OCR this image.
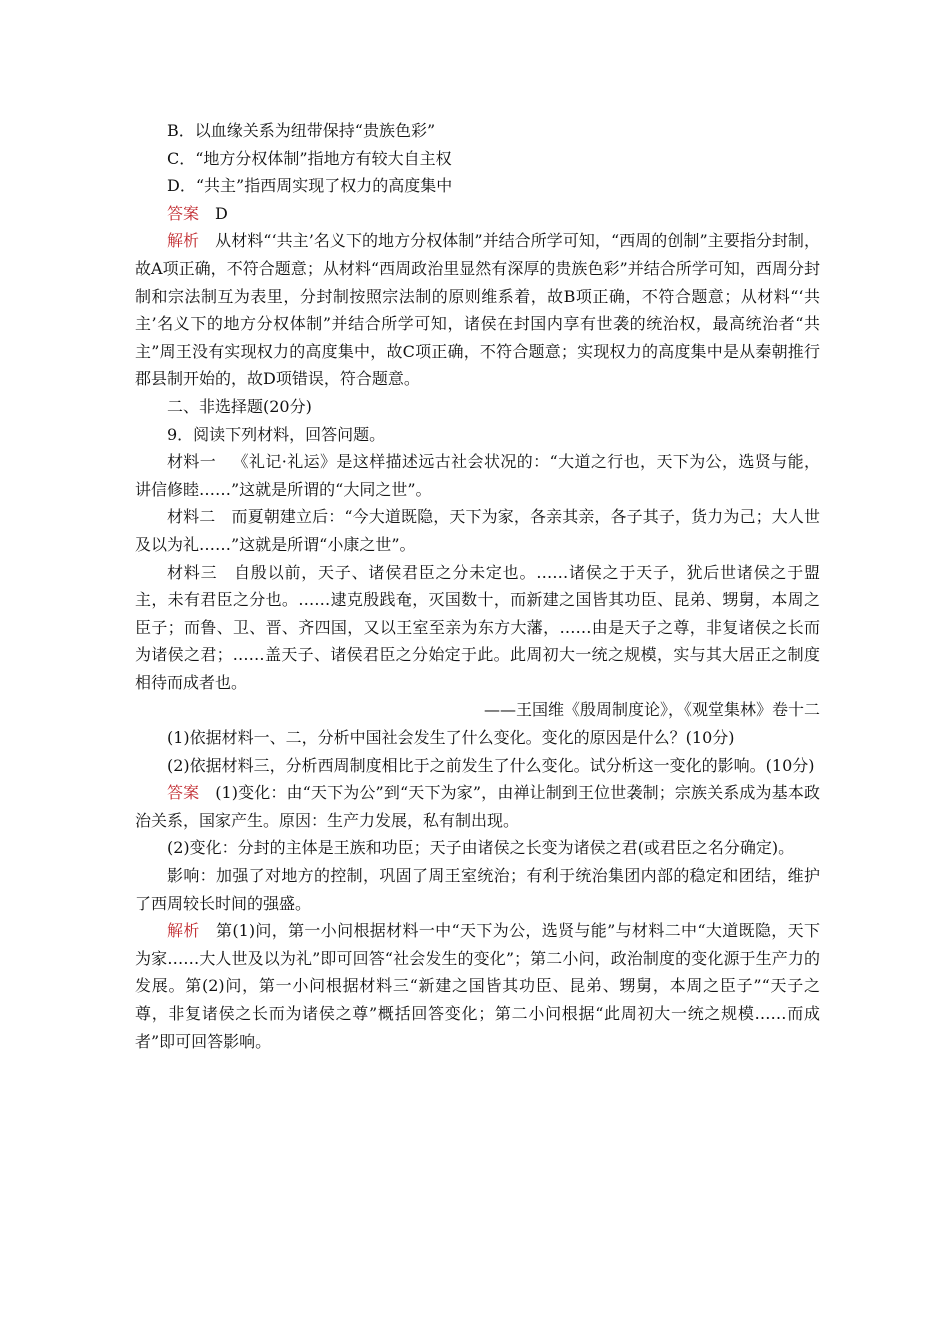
B．以血缘关系为纽带保持“贵族色彩”

C．“地方分权体制”指地方有较大自主权

D．“共主”指西周实现了权力的高度集中

答案 D

解析 从材料“‘共主’名义下的地方分权体制”并结合所学可知，“西周的创制”主要指分封制，故A项正确，不符合题意；从材料“西周政治里显然有深厚的贵族色彩”并结合所学可知，西周分封制和宗法制互为表里，分封制按照宗法制的原则维系着，故B项正确，不符合题意；从材料“‘共主’名义下的地方分权体制”并结合所学可知，诸侯在封国内享有世袭的统治权，最高统治者“共主”周王没有实现权力的高度集中，故C项正确，不符合题意；实现权力的高度集中是从秦朝推行郡县制开始的，故D项错误，符合题意。

二、非选择题(20分)

9．阅读下列材料，回答问题。

材料一 《礼记·礼运》是这样描述远古社会状况的：“大道之行也，天下为公，选贤与能，讲信修睦……”这就是所谓的“大同之世”。

材料二 而夏朝建立后：“今大道既隐，天下为家，各亲其亲，各子其子，货力为己；大人世及以为礼……”这就是所谓“小康之世”。

材料三 自殷以前，天子、诸侯君臣之分未定也。……诸侯之于天子，犹后世诸侯之于盟主，未有君臣之分也。……逮克殷践奄，灭国数十，而新建之国皆其功臣、昆弟、甥舅，本周之臣子；而鲁、卫、晋、齐四国，又以王室至亲为东方大藩，……由是天子之尊，非复诸侯之长而为诸侯之君；……盖天子、诸侯君臣之分始定于此。此周初大一统之规模，实与其大居正之制度相待而成者也。

——王国维《殷周制度论》，《观堂集林》卷十二

(1)依据材料一、二，分析中国社会发生了什么变化。变化的原因是什么？(10分)

(2)依据材料三，分析西周制度相比于之前发生了什么变化。试分析这一变化的影响。(10分)

答案 (1)变化：由“天下为公”到“天下为家”，由禅让制到王位世袭制；宗族关系成为基本政治关系，国家产生。原因：生产力发展，私有制出现。

(2)变化：分封的主体是王族和功臣；天子由诸侯之长变为诸侯之君(或君臣之名分确定)。

影响：加强了对地方的控制，巩固了周王室统治；有利于统治集团内部的稳定和团结，维护了西周较长时间的强盛。

解析 第(1)问，第一小问根据材料一中“天下为公，选贤与能”与材料二中“大道既隐，天下为家……大人世及以为礼”即可回答“社会发生的变化”；第二小问，政治制度的变化源于生产力的发展。第(2)问，第一小问根据材料三“新建之国皆其功臣、昆弟、甥舅，本周之臣子”“天子之尊，非复诸侯之长而为诸侯之尊”概括回答变化；第二小问根据“此周初大一统之规模……而成者”即可回答影响。
